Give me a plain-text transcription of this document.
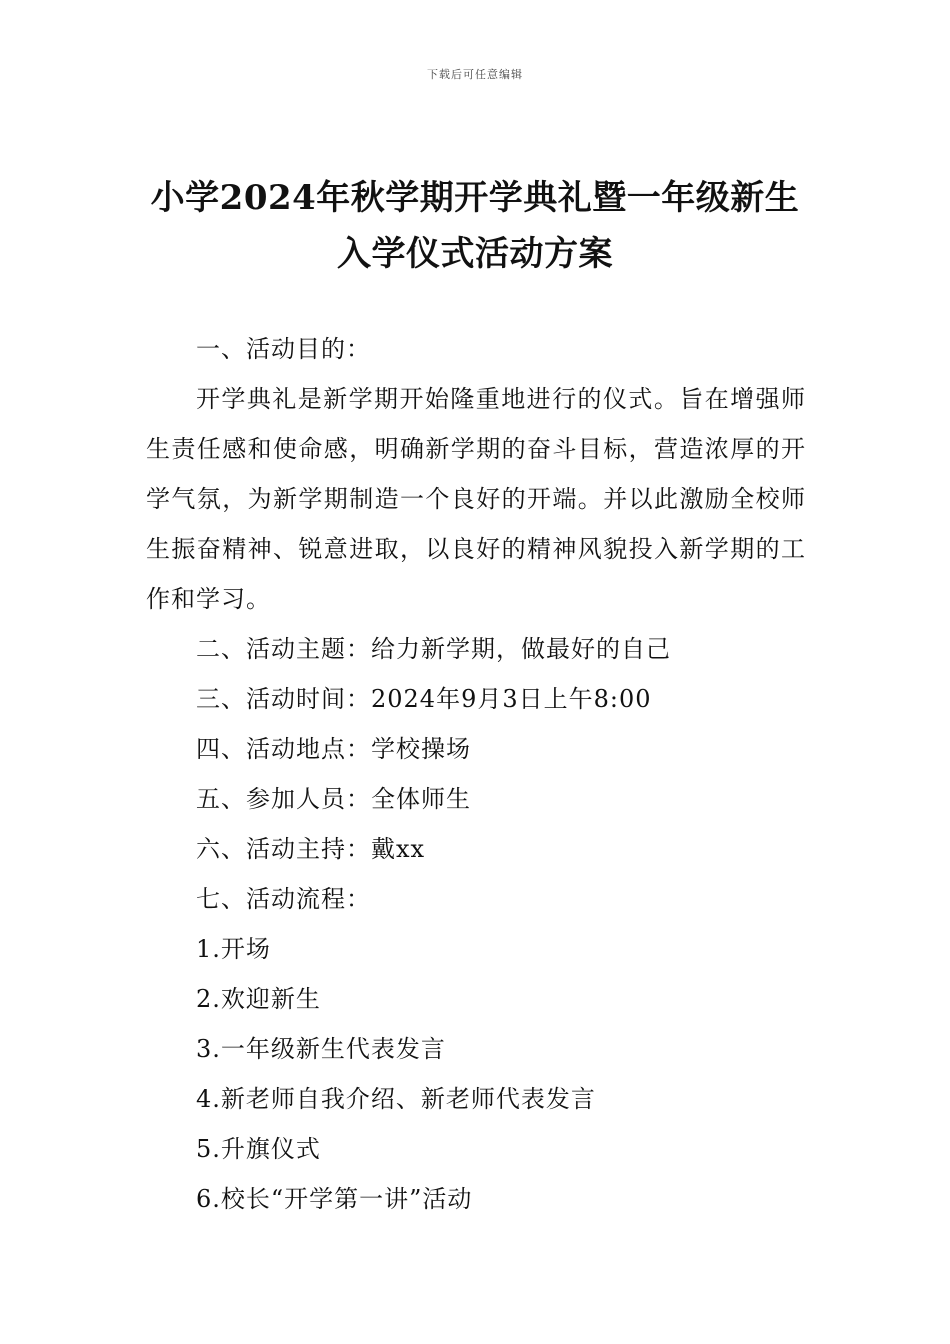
下载后可任意编辑
小学2024年秋学期开学典礼暨一年级新生入学仪式活动方案

一、活动目的：

开学典礼是新学期开始隆重地进行的仪式。旨在增强师生责任感和使命感，明确新学期的奋斗目标，营造浓厚的开学气氛，为新学期制造一个良好的开端。并以此激励全校师生振奋精神、锐意进取，以良好的精神风貌投入新学期的工作和学习。

二、活动主题：给力新学期，做最好的自己

三、活动时间：2024年9月3日上午8:00

四、活动地点：学校操场

五、参加人员：全体师生

六、活动主持：戴xx

七、活动流程：

1.开场

2.欢迎新生

3.一年级新生代表发言

4.新老师自我介绍、新老师代表发言

5.升旗仪式

6.校长“开学第一讲”活动
